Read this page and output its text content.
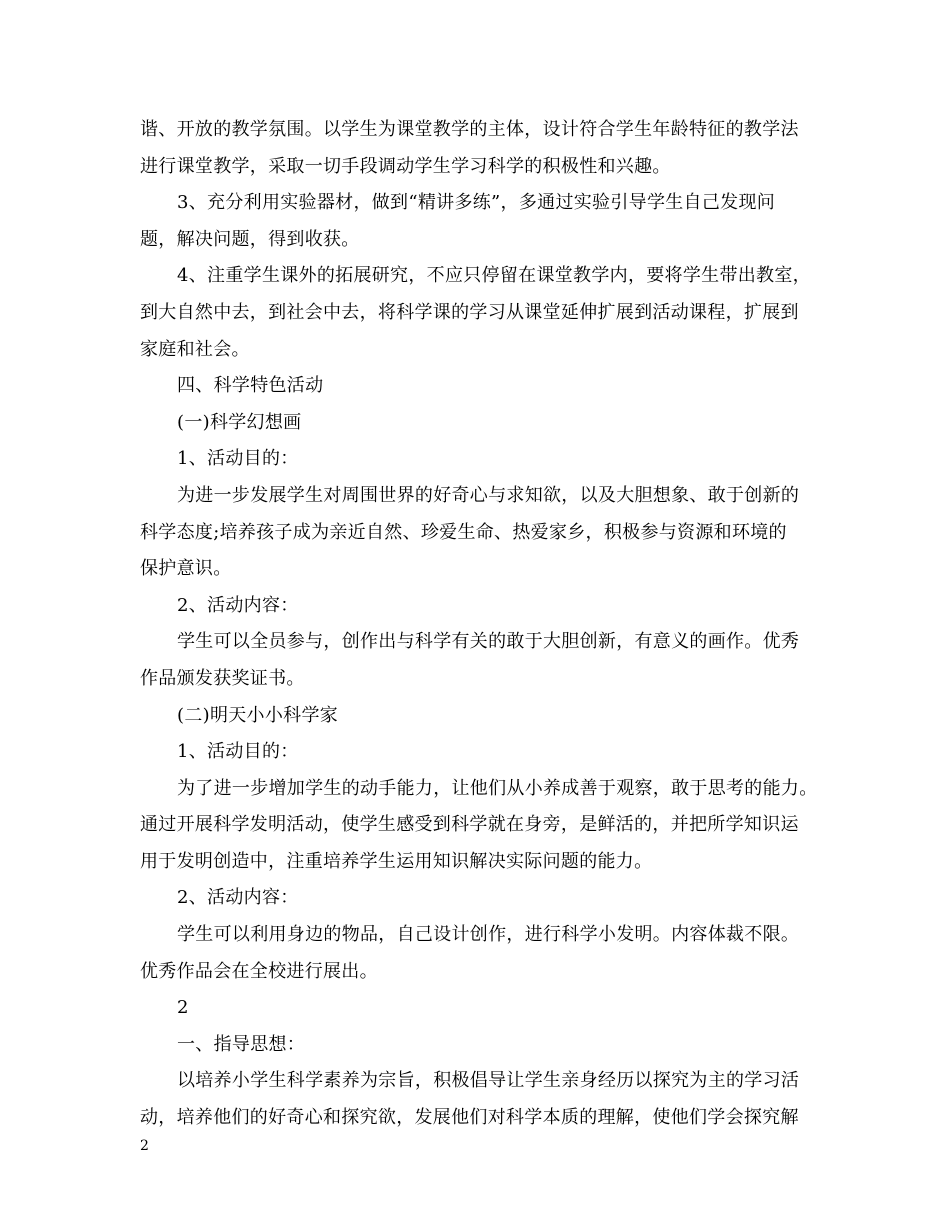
谐、开放的教学氛围。以学生为课堂教学的主体，设计符合学生年龄特征的教学法
进行课堂教学，采取一切手段调动学生学习科学的积极性和兴趣。
3、充分利用实验器材，做到“精讲多练”，多通过实验引导学生自己发现问
题，解决问题，得到收获。
4、注重学生课外的拓展研究，不应只停留在课堂教学内，要将学生带出教室，
到大自然中去，到社会中去，将科学课的学习从课堂延伸扩展到活动课程，扩展到
家庭和社会。
四、科学特色活动
(一)科学幻想画
1、活动目的：
为进一步发展学生对周围世界的好奇心与求知欲，以及大胆想象、敢于创新的
科学态度;培养孩子成为亲近自然、珍爱生命、热爱家乡，积极参与资源和环境的
保护意识。
2、活动内容：
学生可以全员参与，创作出与科学有关的敢于大胆创新，有意义的画作。优秀
作品颁发获奖证书。
(二)明天小小科学家
1、活动目的：
为了进一步增加学生的动手能力，让他们从小养成善于观察，敢于思考的能力。
通过开展科学发明活动，使学生感受到科学就在身旁，是鲜活的，并把所学知识运
用于发明创造中，注重培养学生运用知识解决实际问题的能力。
2、活动内容：
学生可以利用身边的物品，自己设计创作，进行科学小发明。内容体裁不限。
优秀作品会在全校进行展出。
2
一、指导思想：
以培养小学生科学素养为宗旨，积极倡导让学生亲身经历以探究为主的学习活
动，培养他们的好奇心和探究欲，发展他们对科学本质的理解，使他们学会探究解
2
